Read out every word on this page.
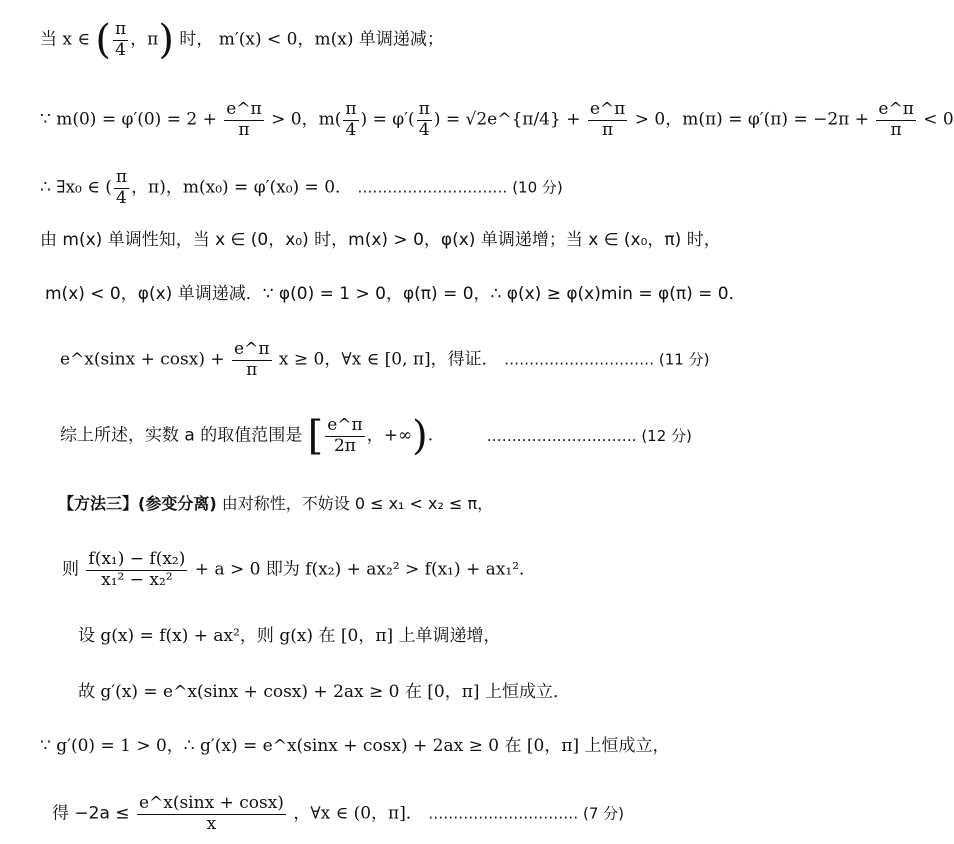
当 x ∈ ( $\frac{\pi}{4}$ ，π) 时， m′(x) < 0，m(x) 单调递减；
∵ $m(0) = \varphi'(0) = 2 + \frac{e\^{}\pi}{\pi} > 0$，$m( \frac{\pi}{4}$ ) = $\varphi'( \frac{\pi}{4}$ ) = √2e^{π/4} + $\frac{e\^{}\pi}{\pi} > 0$，$m(\pi) = \varphi'(\pi) = -2\pi + \frac{e\^{}\pi}{\pi} < 0$
∴ ∃x₀ ∈ ( $\frac{\pi}{4}$ ，π)，m(x₀) = φ′(x₀) = 0． ………………………… (10 分)
由 m(x) 单调性知，当 x ∈ (0，x₀) 时，m(x) > 0，φ(x) 单调递增；当 x ∈ (x₀，π) 时，
m(x) < 0，φ(x) 单调递减．∵ φ(0) = 1 > 0，φ(π) = 0，∴ φ(x) ≥ φ(x)min = φ(π) = 0．
e^x(sinx + $\cos x) + \frac{e\^{}\pi}{\pi}$ x ≥ 0，∀x ∈ [0, π]，得证． ………………………… (11 分)
综上所述，实数 a 的取值范围是 [ $\frac{e\^{}\pi}{2\pi}$ ，+∞).	………………………… (12 分)
【方法三】(参变分离) 由对称性，不妨设 0 ≤ x₁ < x₂ ≤ π，
则 $\frac{\text{f(x₁) − f(x₂)}}{\text{x₁² − x₂²}} + a > 0$ 即为 f(x₂) + ax₂² > f(x₁) + ax₁²．
设 g(x) = f(x) + ax²，则 g(x) 在 [0，π] 上单调递增，
故 g′(x) = e^x(sinx + cosx) + 2ax ≥ 0 在 [0，π] 上恒成立．
∵ g′(0) = 1 > 0，∴ g′(x) = e^x(sinx + cosx) + 2ax ≥ 0 在 [0，π] 上恒成立，
得 $-2a \le \frac{e\^{}x(\sin x + \cos x)}{x}$ ，∀x ∈ (0，π]． ………………………… (7 分)
